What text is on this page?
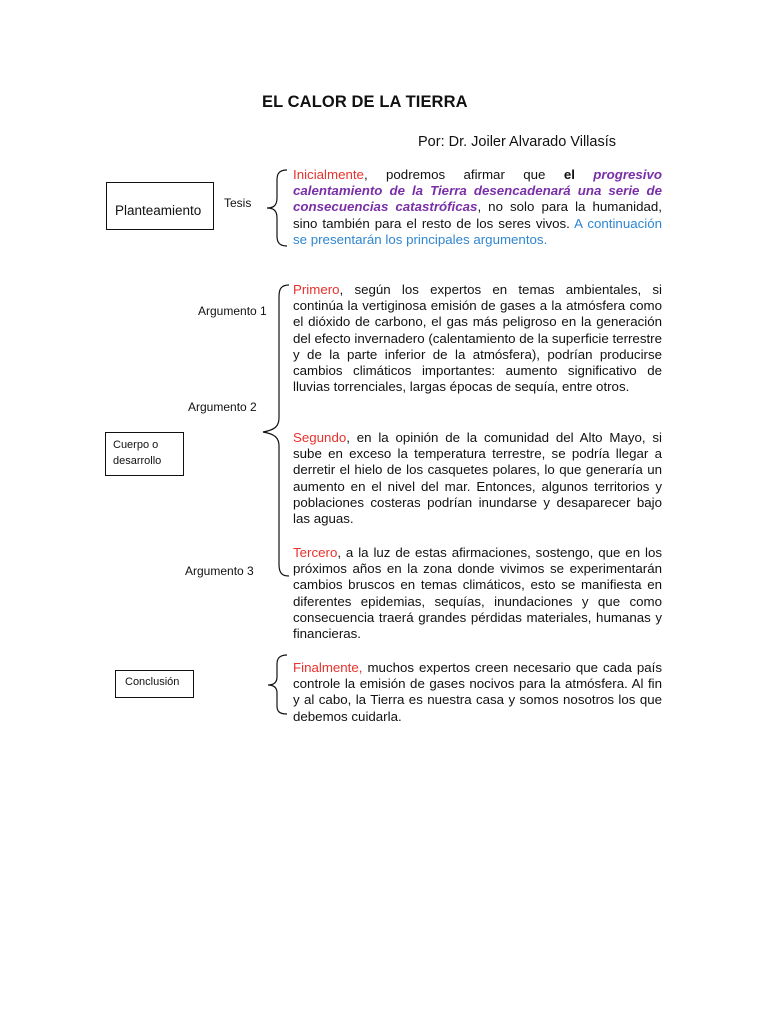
EL CALOR DE LA TIERRA
Por: Dr. Joiler Alvarado Villasís
Planteamiento
Cuerpo o desarrollo
Conclusión
Tesis
Argumento 1
Argumento 2
Argumento 3
Inicialmente, podremos afirmar que el progresivo calentamiento de la Tierra desencadenará una serie de consecuencias catastróficas, no solo para la humanidad, sino también para el resto de los seres vivos. A continuación se presentarán los principales argumentos.
Primero, según los expertos en temas ambientales, si continúa la vertiginosa emisión de gases a la atmósfera como el dióxido de carbono, el gas más peligroso en la generación del efecto invernadero (calentamiento de la superficie terrestre y de la parte inferior de la atmósfera), podrían producirse cambios climáticos importantes: aumento significativo de lluvias torrenciales, largas épocas de sequía, entre otros.
Segundo, en la opinión de la comunidad del Alto Mayo, si sube en exceso la temperatura terrestre, se podría llegar a derretir el hielo de los casquetes polares, lo que generaría un aumento en el nivel del mar. Entonces, algunos territorios y poblaciones costeras podrían inundarse y desaparecer bajo las aguas.
Tercero, a la luz de estas afirmaciones, sostengo, que en los próximos años en la zona donde vivimos se experimentarán cambios bruscos en temas climáticos, esto se manifiesta en diferentes epidemias, sequías, inundaciones y que como consecuencia traerá grandes pérdidas materiales, humanas y financieras.
Finalmente, muchos expertos creen necesario que cada país controle la emisión de gases nocivos para la atmósfera. Al fin y al cabo, la Tierra es nuestra casa y somos nosotros los que debemos cuidarla.
